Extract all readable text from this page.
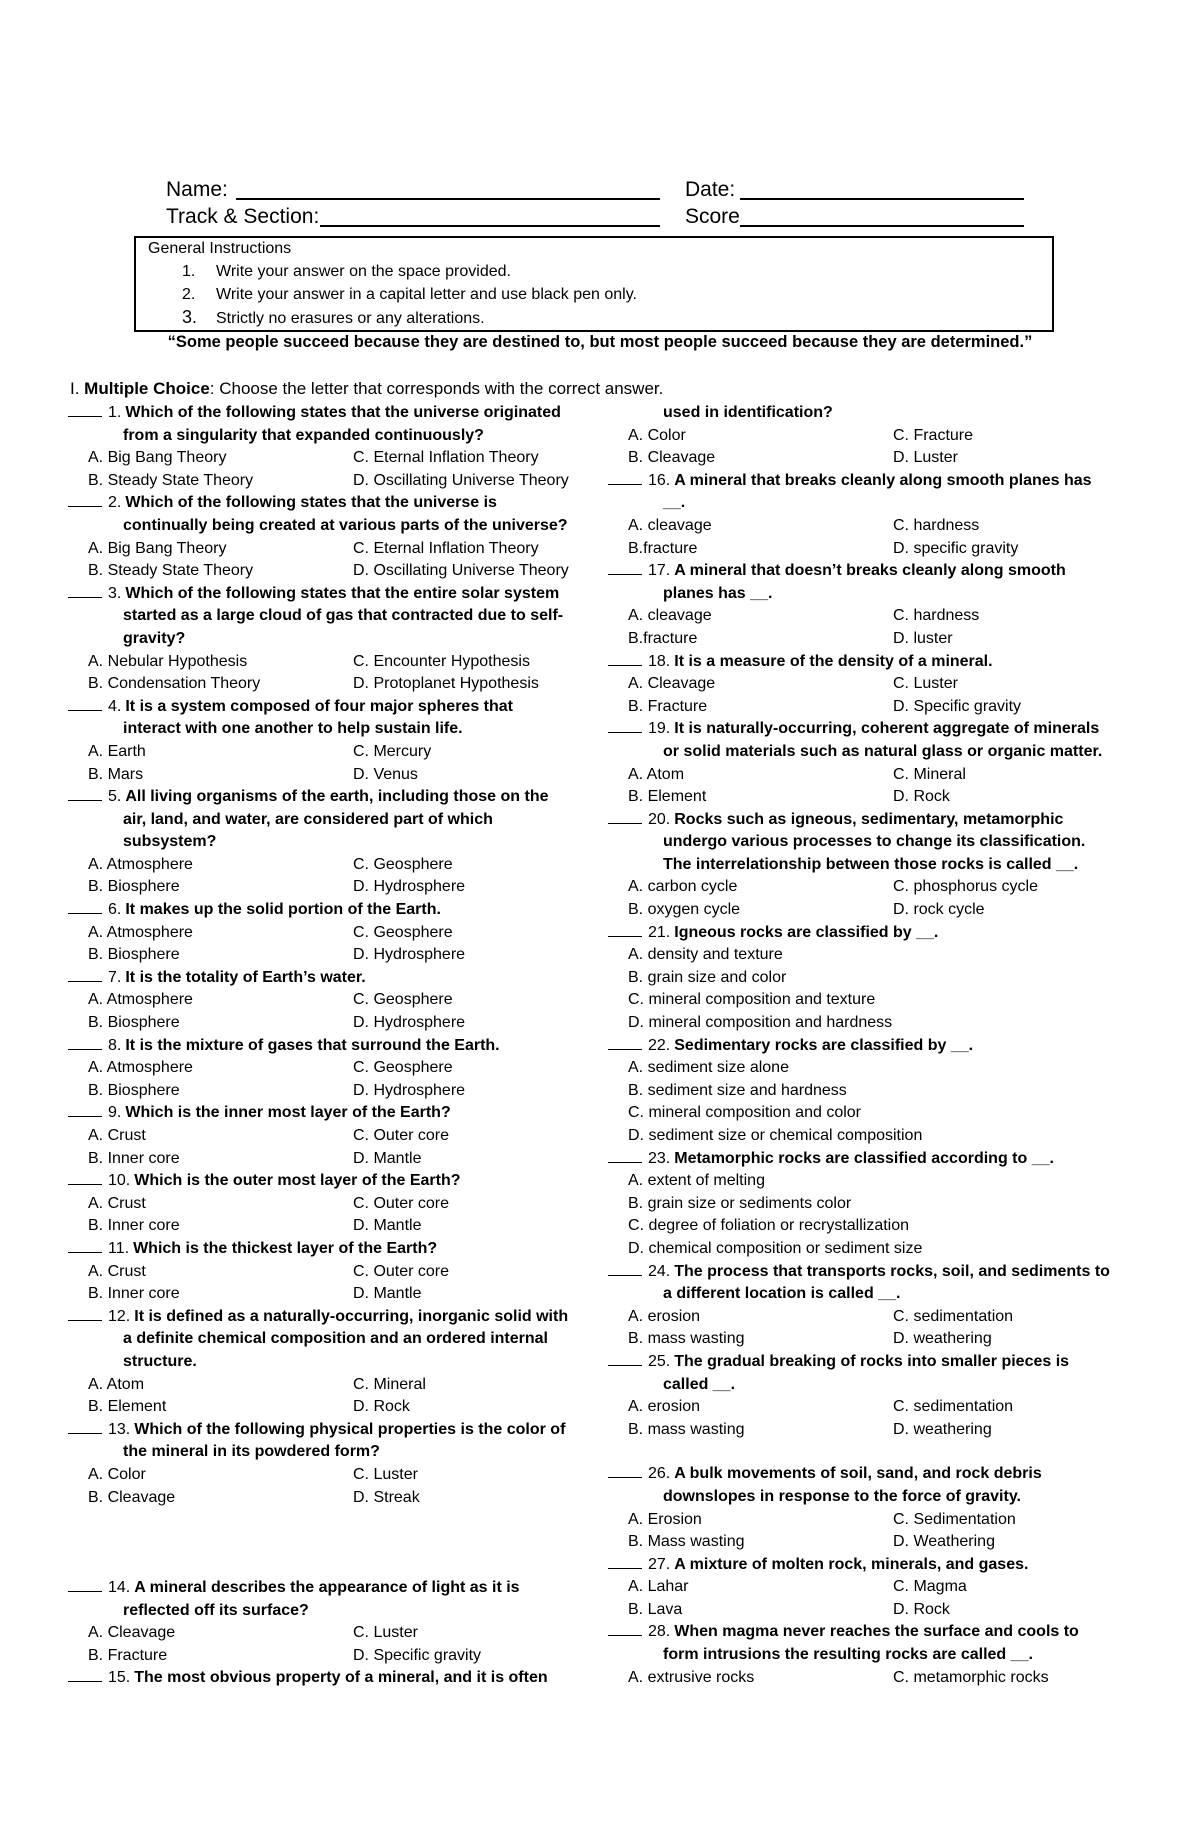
Name:	Date:
Track & Section:	Score
General Instructions
1. Write your answer on the space provided.
2. Write your answer in a capital letter and use black pen only.
3. Strictly no erasures or any alterations.
“Some people succeed because they are destined to, but most people succeed because they are determined.”
I. Multiple Choice: Choose the letter that corresponds with the correct answer.
1. Which of the following states that the universe originated
from a singularity that expanded continuously?
A. Big Bang Theory	C. Eternal Inflation Theory
B. Steady State Theory	D. Oscillating Universe Theory
2. Which of the following states that the universe is
continually being created at various parts of the universe?
A. Big Bang Theory	C. Eternal Inflation Theory
B. Steady State Theory	D. Oscillating Universe Theory
3. Which of the following states that the entire solar system
started as a large cloud of gas that contracted due to self-
gravity?
A. Nebular Hypothesis	C. Encounter Hypothesis
B. Condensation Theory	D. Protoplanet Hypothesis
4. It is a system composed of four major spheres that
interact with one another to help sustain life.
A. Earth	C. Mercury
B. Mars	D. Venus
5. All living organisms of the earth, including those on the
air, land, and water, are considered part of which
subsystem?
A. Atmosphere	C. Geosphere
B. Biosphere	D. Hydrosphere
6. It makes up the solid portion of the Earth.
A. Atmosphere	C. Geosphere
B. Biosphere	D. Hydrosphere
7. It is the totality of Earth’s water.
A. Atmosphere	C. Geosphere
B. Biosphere	D. Hydrosphere
8. It is the mixture of gases that surround the Earth.
A. Atmosphere	C. Geosphere
B. Biosphere	D. Hydrosphere
9. Which is the inner most layer of the Earth?
A. Crust	C. Outer core
B. Inner core	D. Mantle
10. Which is the outer most layer of the Earth?
A. Crust	C. Outer core
B. Inner core	D. Mantle
11. Which is the thickest layer of the Earth?
A. Crust	C. Outer core
B. Inner core	D. Mantle
12. It is defined as a naturally-occurring, inorganic solid with
a definite chemical composition and an ordered internal
structure.
A. Atom	C. Mineral
B. Element	D. Rock
13. Which of the following physical properties is the color of
the mineral in its powdered form?
A. Color	C. Luster
B. Cleavage	D. Streak
14. A mineral describes the appearance of light as it is
reflected off its surface?
A. Cleavage	C. Luster
B. Fracture	D. Specific gravity
15. The most obvious property of a mineral, and it is often
used in identification?
A. Color	C. Fracture
B. Cleavage	D. Luster
16. A mineral that breaks cleanly along smooth planes has
__.
A. cleavage	C. hardness
B.fracture	D. specific gravity
17. A mineral that doesn’t breaks cleanly along smooth
planes has __.
A. cleavage	C. hardness
B.fracture	D. luster
18. It is a measure of the density of a mineral.
A. Cleavage	C. Luster
B. Fracture	D. Specific gravity
19. It is naturally-occurring, coherent aggregate of minerals
or solid materials such as natural glass or organic matter.
A. Atom	C. Mineral
B. Element	D. Rock
20. Rocks such as igneous, sedimentary, metamorphic
undergo various processes to change its classification.
The interrelationship between those rocks is called __.
A. carbon cycle	C. phosphorus cycle
B. oxygen cycle	D. rock cycle
21. Igneous rocks are classified by __.
A. density and texture
B. grain size and color
C. mineral composition and texture
D. mineral composition and hardness
22. Sedimentary rocks are classified by __.
A. sediment size alone
B. sediment size and hardness
C. mineral composition and color
D. sediment size or chemical composition
23. Metamorphic rocks are classified according to __.
A. extent of melting
B. grain size or sediments color
C. degree of foliation or recrystallization
D. chemical composition or sediment size
24. The process that transports rocks, soil, and sediments to
a different location is called __.
A. erosion	C. sedimentation
B. mass wasting	D. weathering
25. The gradual breaking of rocks into smaller pieces is
called __.
A. erosion	C. sedimentation
B. mass wasting	D. weathering
26. A bulk movements of soil, sand, and rock debris
downslopes in response to the force of gravity.
A. Erosion	C. Sedimentation
B. Mass wasting	D. Weathering
27. A mixture of molten rock, minerals, and gases.
A. Lahar	C. Magma
B. Lava	D. Rock
28. When magma never reaches the surface and cools to
form intrusions the resulting rocks are called __.
A. extrusive rocks	C. metamorphic rocks
